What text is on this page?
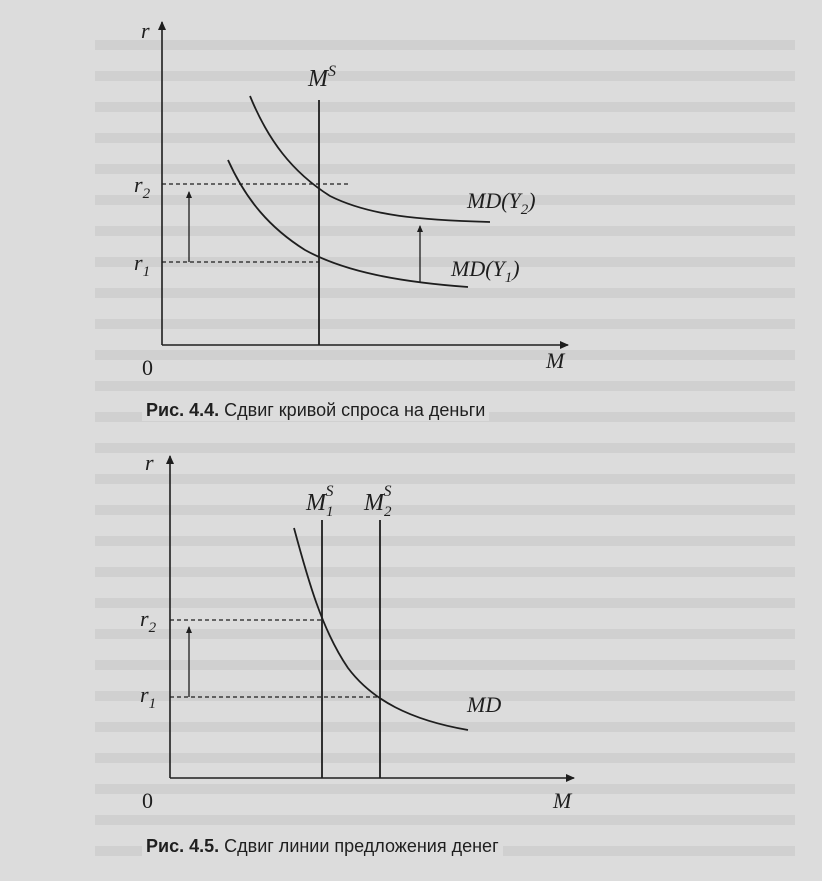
r
M
0
$M^S$
$r_2$
$r_1$
$MD(Y_2)$
$MD(Y_1)$
r
M
0
$M_1S$ $M_2S$
$r_2$
$r_1$	MD
Рис. 4.4. Сдвиг кривой спроса на деньги
Рис. 4.5. Сдвиг линии предложения денег
